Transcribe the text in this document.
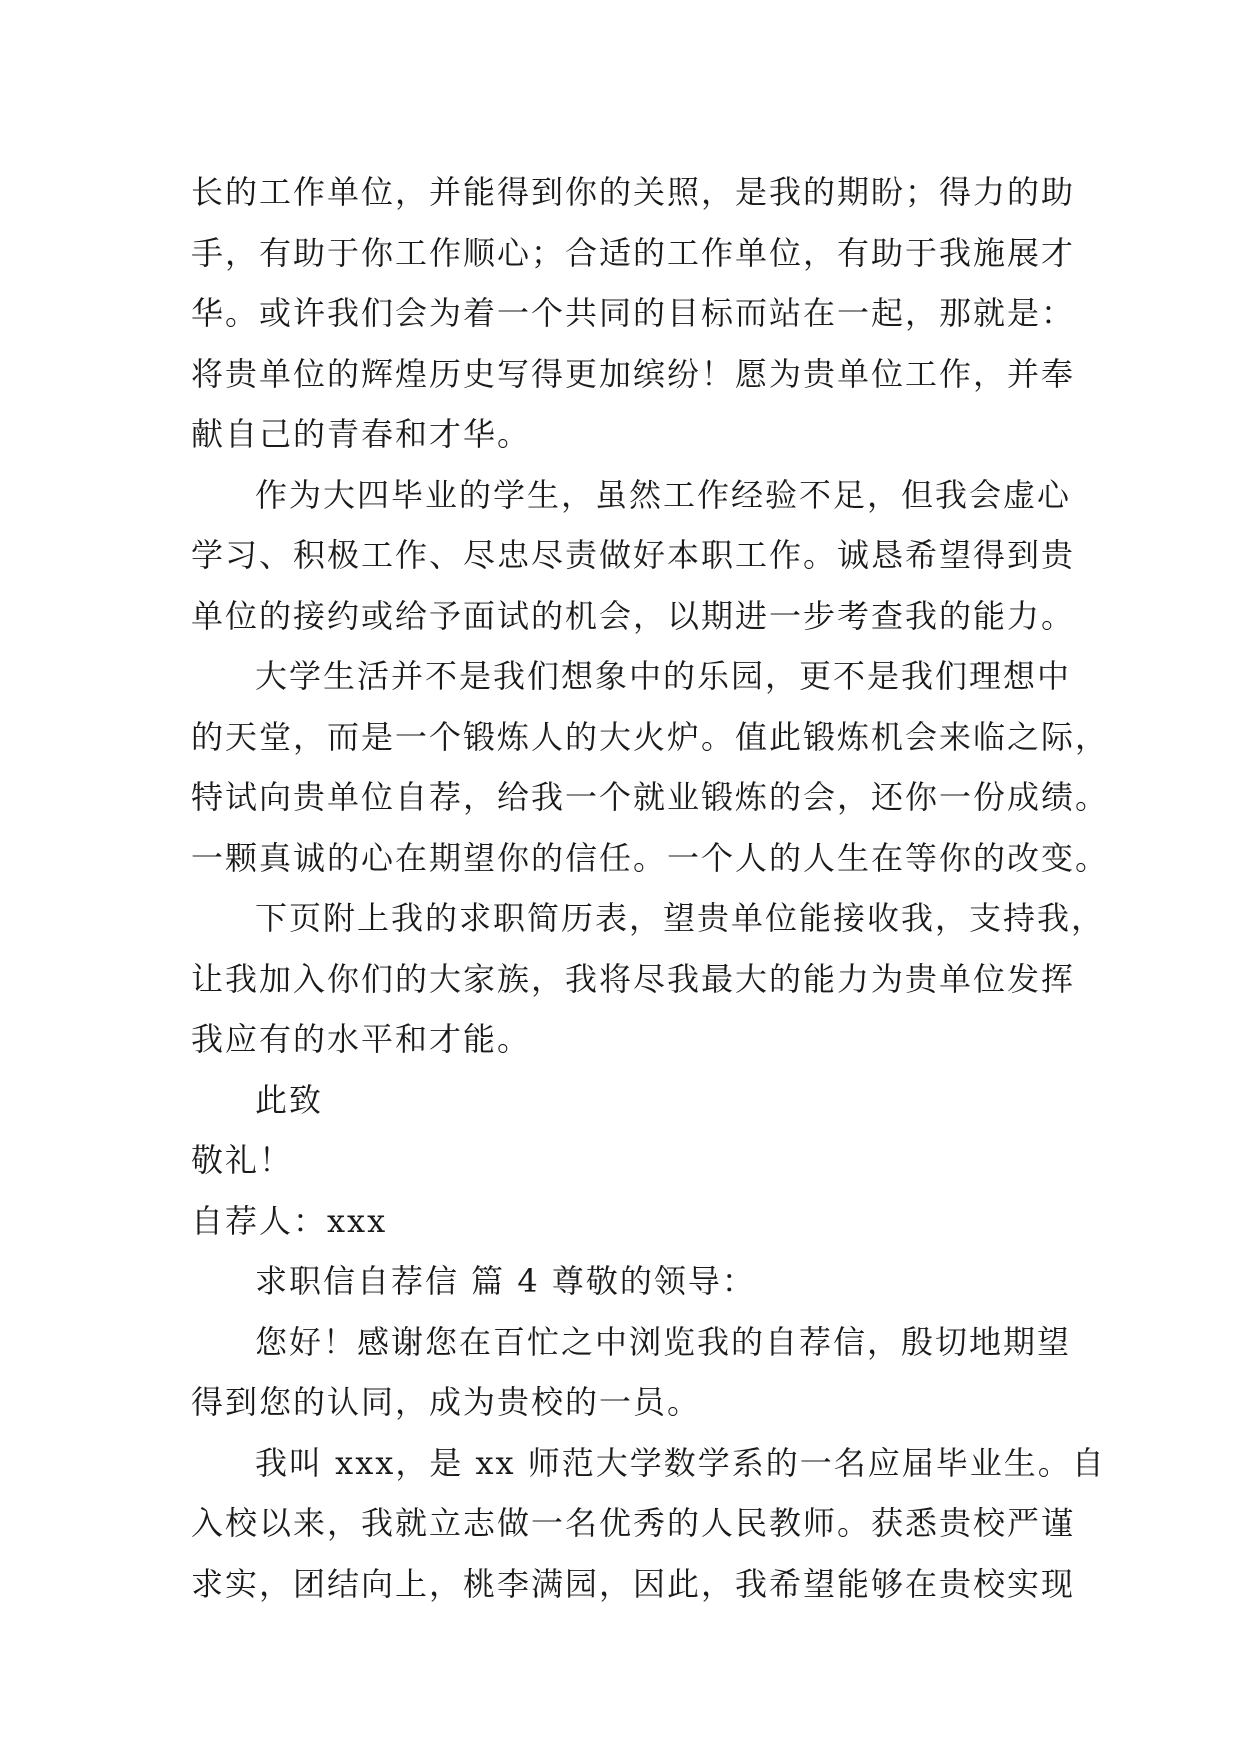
长的工作单位，并能得到你的关照，是我的期盼；得力的助
手，有助于你工作顺心；合适的工作单位，有助于我施展才
华。或许我们会为着一个共同的目标而站在一起，那就是：
将贵单位的辉煌历史写得更加缤纷！愿为贵单位工作，并奉
献自己的青春和才华。
作为大四毕业的学生，虽然工作经验不足，但我会虚心
学习、积极工作、尽忠尽责做好本职工作。诚恳希望得到贵
单位的接约或给予面试的机会，以期进一步考查我的能力。
大学生活并不是我们想象中的乐园，更不是我们理想中
的天堂，而是一个锻炼人的大火炉。值此锻炼机会来临之际，
特试向贵单位自荐，给我一个就业锻炼的会，还你一份成绩。
一颗真诚的心在期望你的信任。一个人的人生在等你的改变。
下页附上我的求职简历表，望贵单位能接收我，支持我，
让我加入你们的大家族，我将尽我最大的能力为贵单位发挥
我应有的水平和才能。
此致
敬礼！
自荐人：xxx
求职信自荐信 篇 4 尊敬的领导：
您好！感谢您在百忙之中浏览我的自荐信，殷切地期望
得到您的认同，成为贵校的一员。
我叫 xxx，是 xx 师范大学数学系的一名应届毕业生。自
入校以来，我就立志做一名优秀的人民教师。获悉贵校严谨
求实，团结向上，桃李满园，因此，我希望能够在贵校实现
